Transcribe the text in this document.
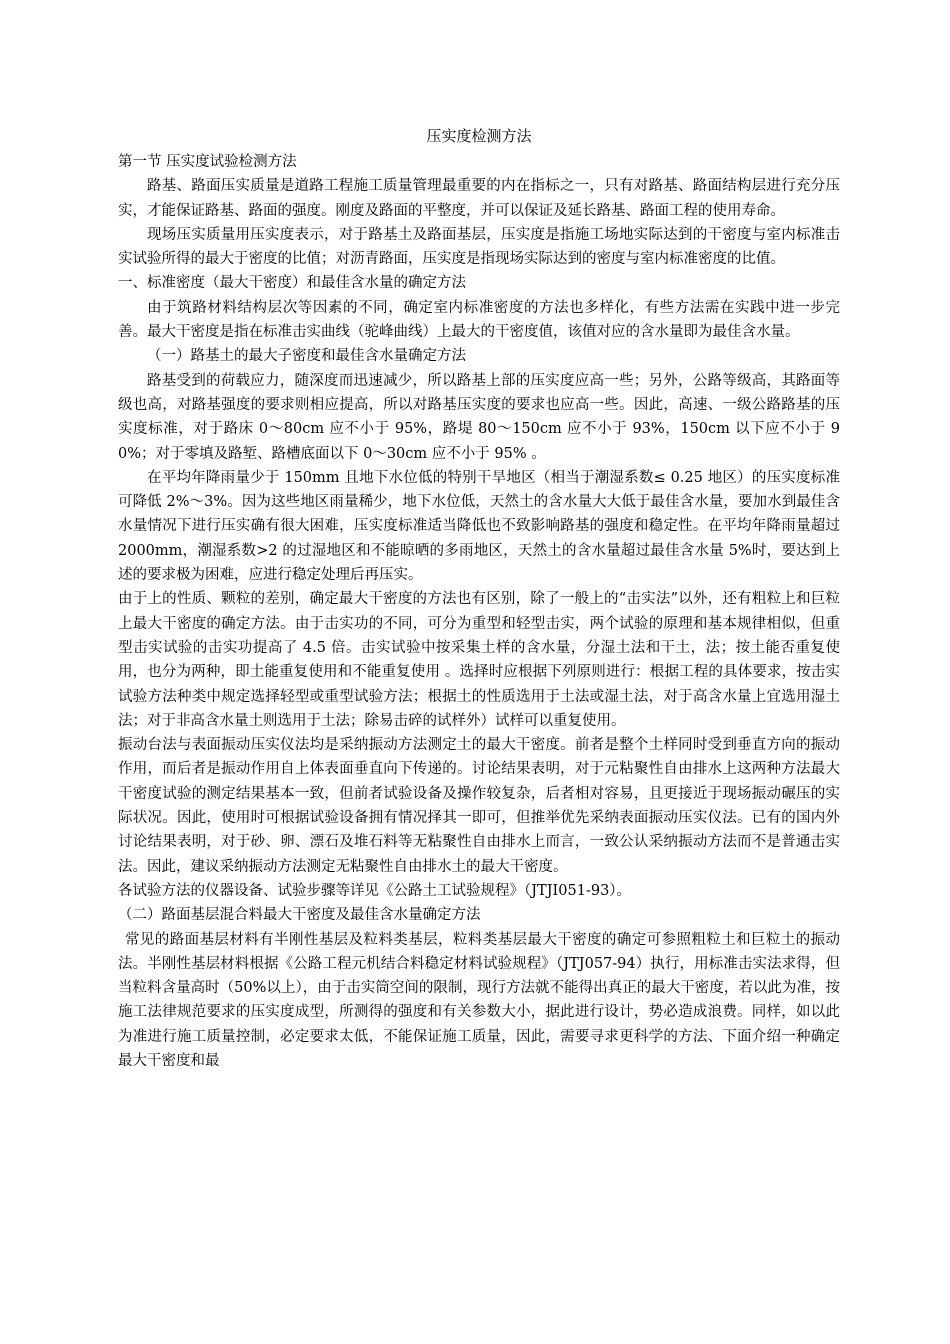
压实度检测方法

第一节 压实度试验检测方法

路基、路面压实质量是道路工程施工质量管理最重要的内在指标之一，只有对路基、路面结构层进行充分压实，才能保证路基、路面的强度。刚度及路面的平整度，并可以保证及延长路基、路面工程的使用寿命。

现场压实质量用压实度表示，对于路基土及路面基层，压实度是指施工场地实际达到的干密度与室内标准击实试验所得的最大于密度的比值；对沥青路面，压实度是指现场实际达到的密度与室内标准密度的比值。

一、标准密度（最大干密度）和最佳含水量的确定方法

由于筑路材料结构层次等因素的不同，确定室内标准密度的方法也多样化，有些方法需在实践中进一步完善。最大干密度是指在标准击实曲线（驼峰曲线）上最大的干密度值，该值对应的含水量即为最佳含水量。

（一）路基土的最大子密度和最佳含水量确定方法

路基受到的荷载应力，随深度而迅速减少，所以路基上部的压实度应高一些；另外，公路等级高，其路面等级也高，对路基强度的要求则相应提高，所以对路基压实度的要求也应高一些。因此，高速、一级公路路基的压实度标准，对于路床 0～80cm 应不小于 95%，路堤 80～150cm 应不小于 93%，150cm 以下应不小于 90%；对于零填及路堑、路槽底面以下 0～30cm 应不小于 95% 。

在平均年降雨量少于 150mm 且地下水位低的特别干旱地区（相当于潮湿系数≤ 0.25 地区）的压实度标准可降低 2%～3%。因为这些地区雨量稀少，地下水位低，天然土的含水量大大低于最佳含水量，要加水到最佳含水量情况下进行压实确有很大困难，压实度标准适当降低也不致影响路基的强度和稳定性。在平均年降雨量超过 2000mm，潮湿系数>2 的过湿地区和不能晾晒的多雨地区，天然土的含水量超过最佳含水量 5%时，要达到上述的要求极为困难，应进行稳定处理后再压实。

由于上的性质、颗粒的差别，确定最大干密度的方法也有区别，除了一般上的“击实法”以外，还有粗粒上和巨粒上最大干密度的确定方法。由于击实功的不同，可分为重型和轻型击实，两个试验的原理和基本规律相似，但重型击实试验的击实功提高了 4.5 倍。击实试验中按采集土样的含水量，分湿土法和干土，法；按土能否重复使用，也分为两种，即土能重复使用和不能重复使用 。选择时应根据下列原则进行：根据工程的具体要求，按击实试验方法种类中规定选择轻型或重型试验方法；根据土的性质选用于土法或湿土法，对于高含水量上宜选用湿土法；对于非高含水量土则选用于土法；除易击碎的试样外）试样可以重复使用。

振动台法与表面振动压实仪法均是采纳振动方法测定土的最大干密度。前者是整个土样同时受到垂直方向的振动作用，而后者是振动作用自上体表面垂直向下传递的。讨论结果表明，对于元粘聚性自由排水上这两种方法最大干密度试验的测定结果基本一致，但前者试验设备及操作较复杂，后者相对容易，且更接近于现场振动碾压的实际状况。因此，使用时可根据试验设备拥有情况择其一即可，但推举优先采纳表面振动压实仪法。已有的国内外讨论结果表明，对于砂、卵、漂石及堆石料等无粘聚性自由排水上而言，一致公认采纳振动方法而不是普通击实法。因此，建议采纳振动方法测定无粘聚性自由排水土的最大干密度。

各试验方法的仪器设备、试验步骤等详见《公路土工试验规程》（JTJI051-93）。

（二）路面基层混合料最大干密度及最佳含水量确定方法

常见的路面基层材料有半刚性基层及粒料类基层，粒料类基层最大干密度的确定可参照粗粒土和巨粒土的振动法。半刚性基层材料根据《公路工程元机结合料稳定材料试验规程》（JTJ057-94）执行，用标准击实法求得，但当粒料含量高时（50%以上），由于击实筒空间的限制，现行方法就不能得出真正的最大干密度，若以此为准，按施工法律规范要求的压实度成型，所测得的强度和有关参数大小，据此进行设计，势必造成浪费。同样，如以此为准进行施工质量控制，必定要求太低，不能保证施工质量，因此，需要寻求更科学的方法、下面介绍一种确定最大干密度和最
